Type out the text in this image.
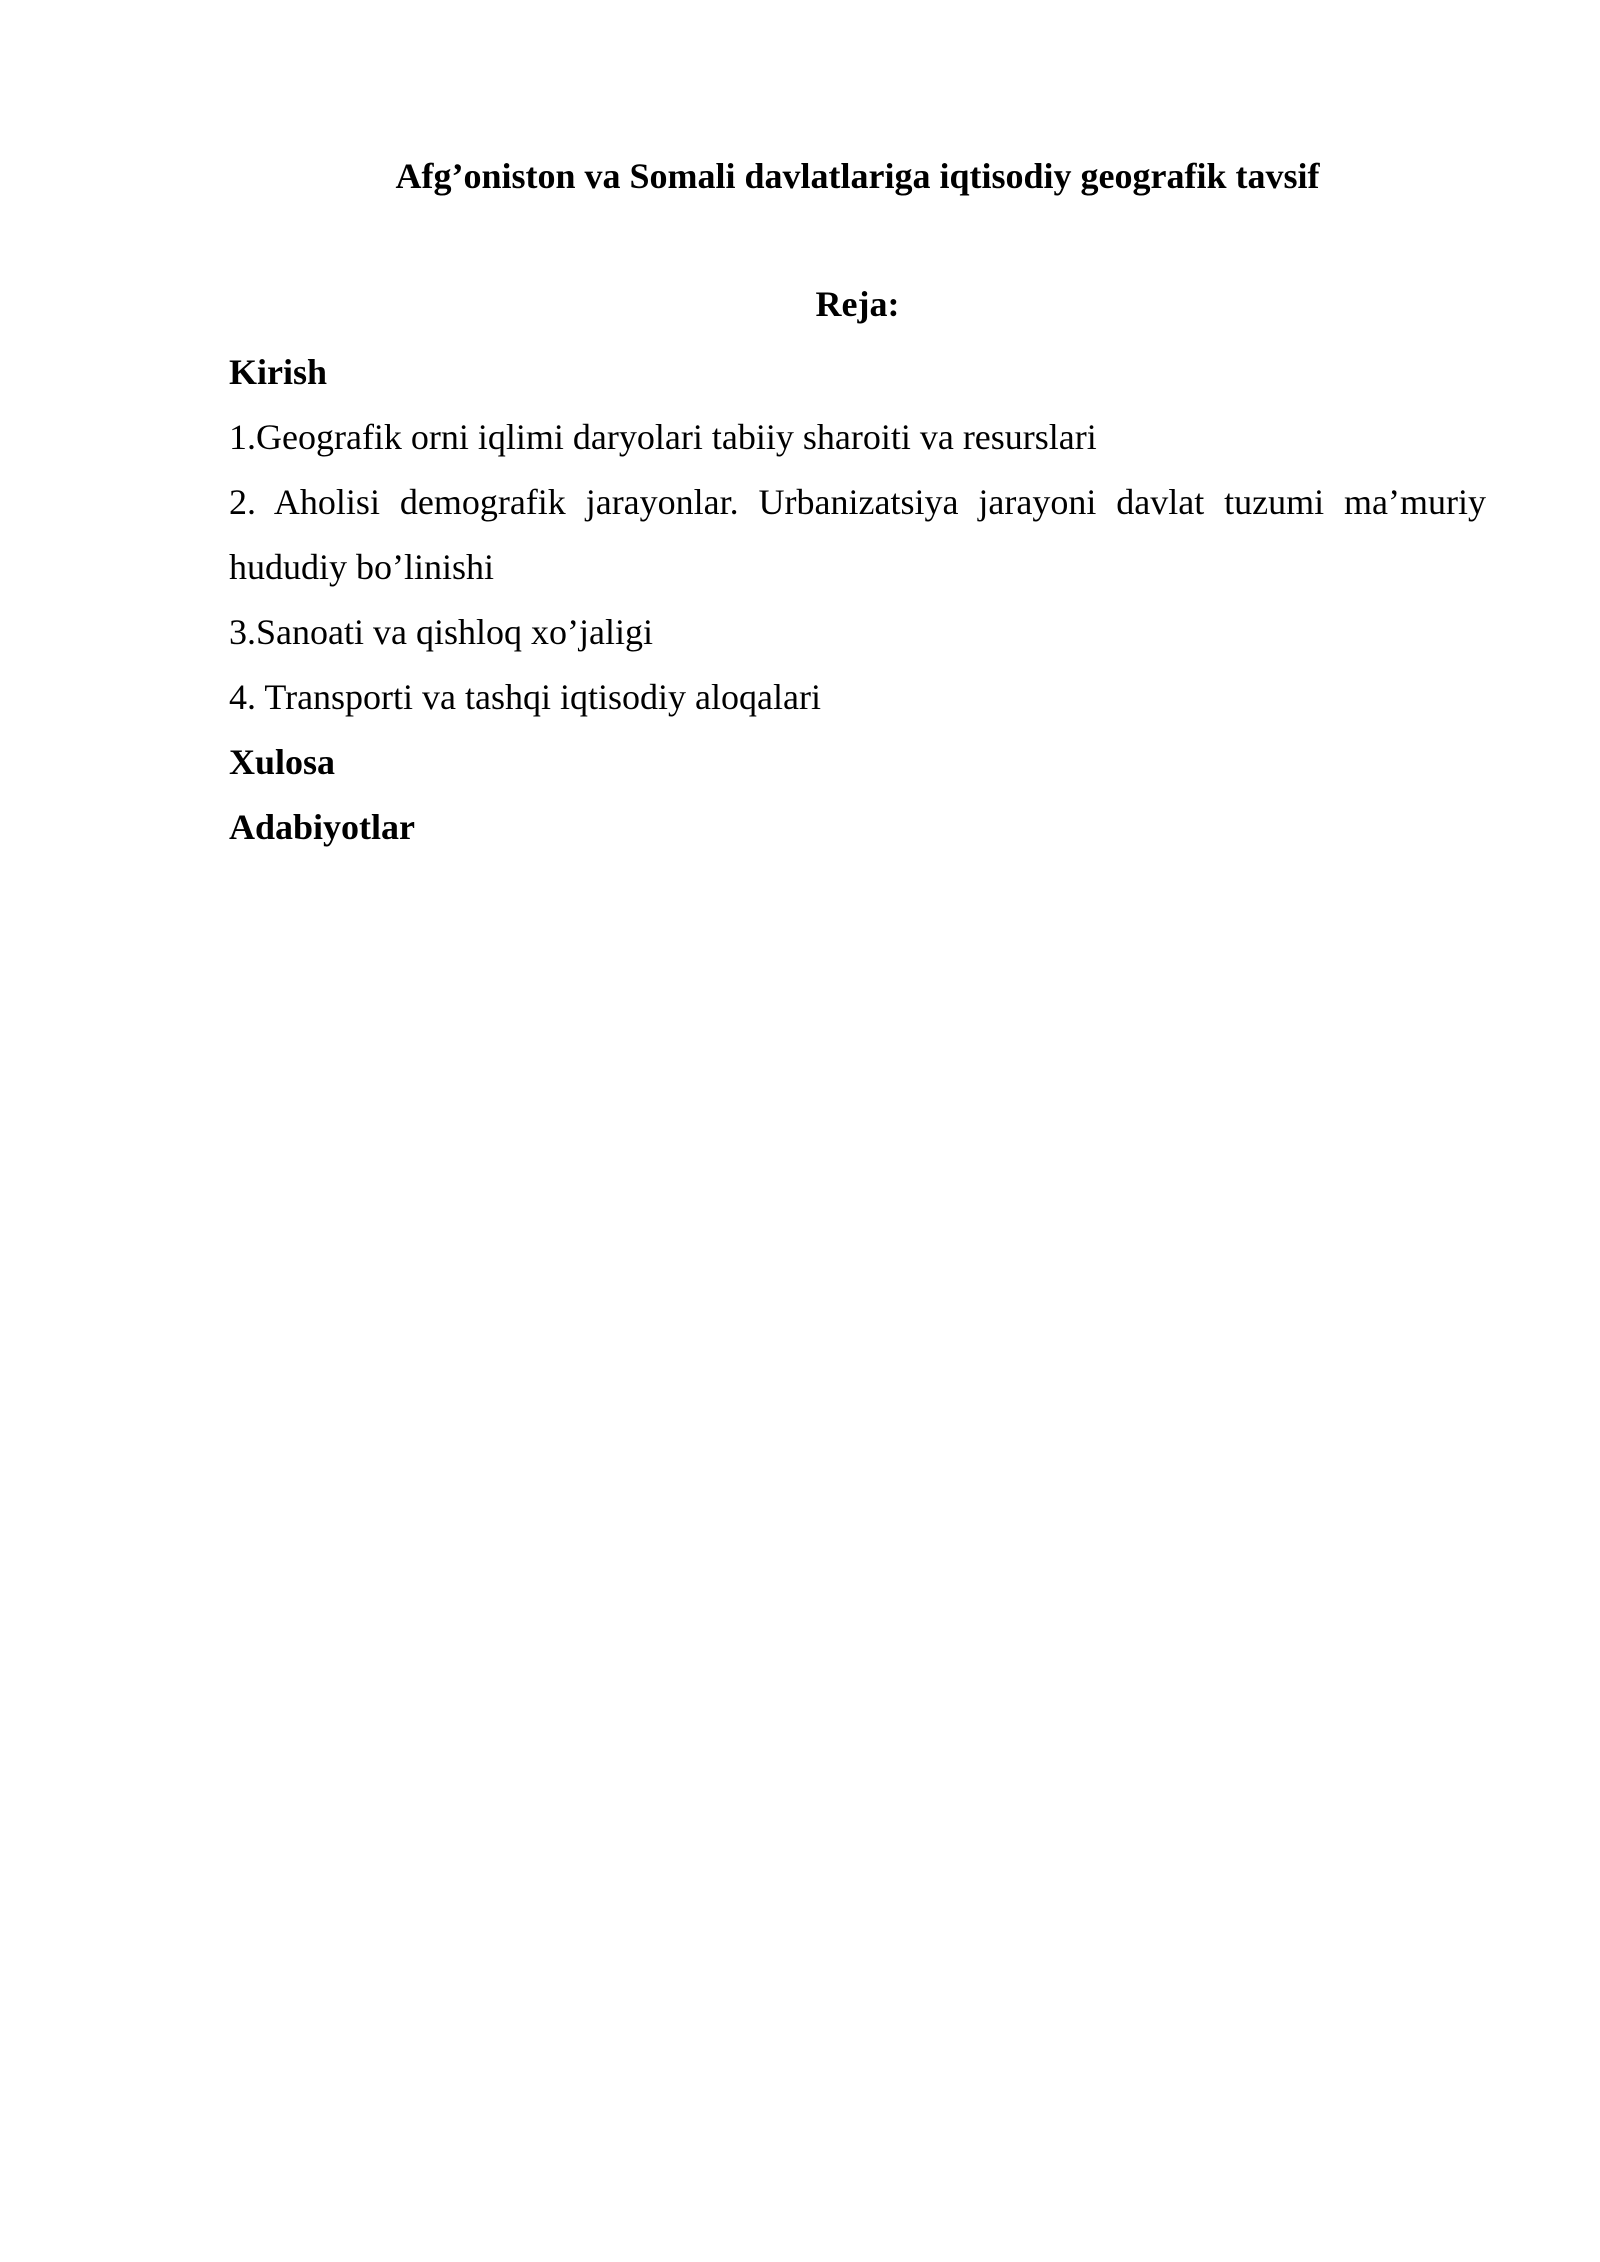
Afg’oniston va Somali davlatlariga iqtisodiy geografik tavsif
Reja:

Kirish

1.Geografik orni iqlimi daryolari tabiiy sharoiti va resurslari

2. Aholisi demografik jarayonlar. Urbanizatsiya jarayoni davlat tuzumi ma’muriy hududiy bo’linishi

3.Sanoati va qishloq xo’jaligi

4. Transporti va tashqi iqtisodiy aloqalari

Xulosa

Adabiyotlar
